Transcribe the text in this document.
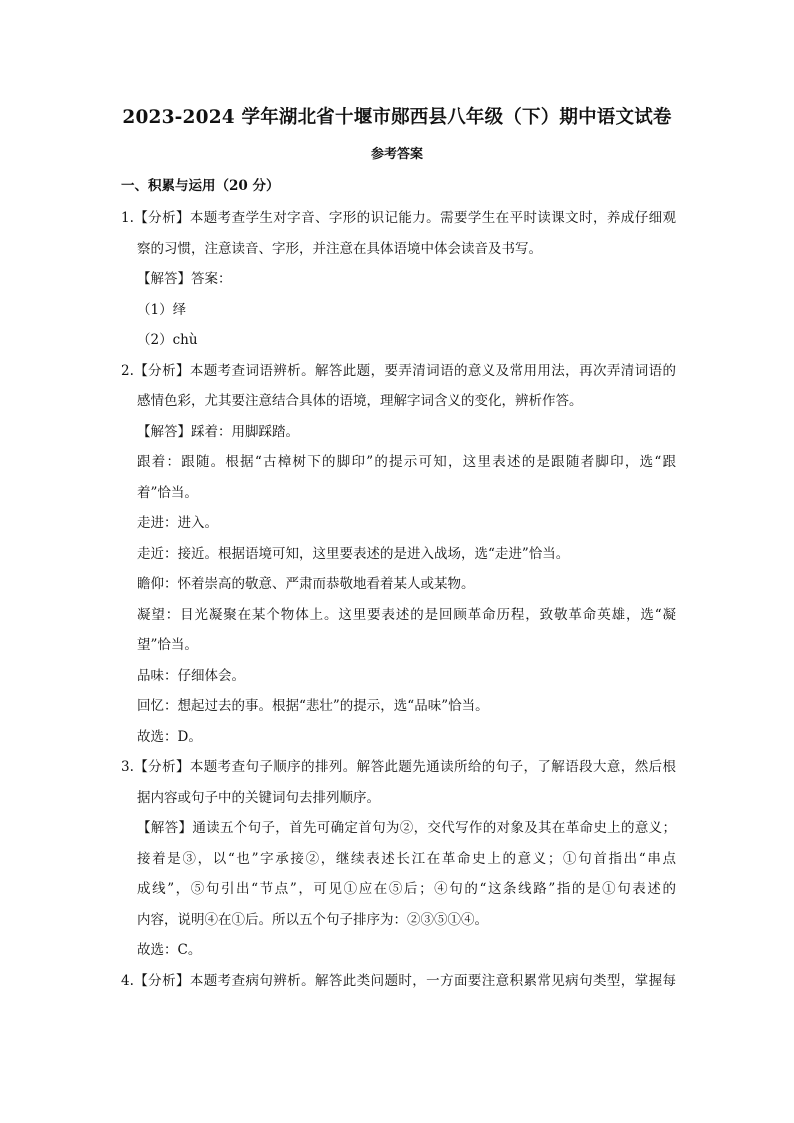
2023-2024 学年湖北省十堰市郧西县八年级（下）期中语文试卷
参考答案
一、积累与运用（20 分）
1.【分析】本题考查学生对字音、字形的识记能力。需要学生在平时读课文时，养成仔细观
察的习惯，注意读音、字形，并注意在具体语境中体会读音及书写。
【解答】答案：
（1）绎
（2）chù
2.【分析】本题考查词语辨析。解答此题，要弄清词语的意义及常用用法，再次弄清词语的
感情色彩，尤其要注意结合具体的语境，理解字词含义的变化，辨析作答。
【解答】踩着：用脚踩踏。
跟着：跟随。根据“古樟树下的脚印”的提示可知，这里表述的是跟随者脚印，选“跟
着”恰当。
走进：进入。
走近：接近。根据语境可知，这里要表述的是进入战场，选“走进”恰当。
瞻仰：怀着崇高的敬意、严肃而恭敬地看着某人或某物。
凝望：目光凝聚在某个物体上。这里要表述的是回顾革命历程，致敬革命英雄，选“凝
望”恰当。
品味：仔细体会。
回忆：想起过去的事。根据“悲壮”的提示，选“品味”恰当。
故选：D。
3.【分析】本题考查句子顺序的排列。解答此题先通读所给的句子，了解语段大意，然后根
据内容或句子中的关键词句去排列顺序。
【解答】通读五个句子，首先可确定首句为②，交代写作的对象及其在革命史上的意义；
接着是③，以“也”字承接②，继续表述长江在革命史上的意义；①句首指出“串点
成线”，⑤句引出“节点”，可见①应在⑤后；④句的“这条线路”指的是①句表述的
内容，说明④在①后。所以五个句子排序为：②③⑤①④。
故选：C。
4.【分析】本题考查病句辨析。解答此类问题时，一方面要注意积累常见病句类型，掌握每
